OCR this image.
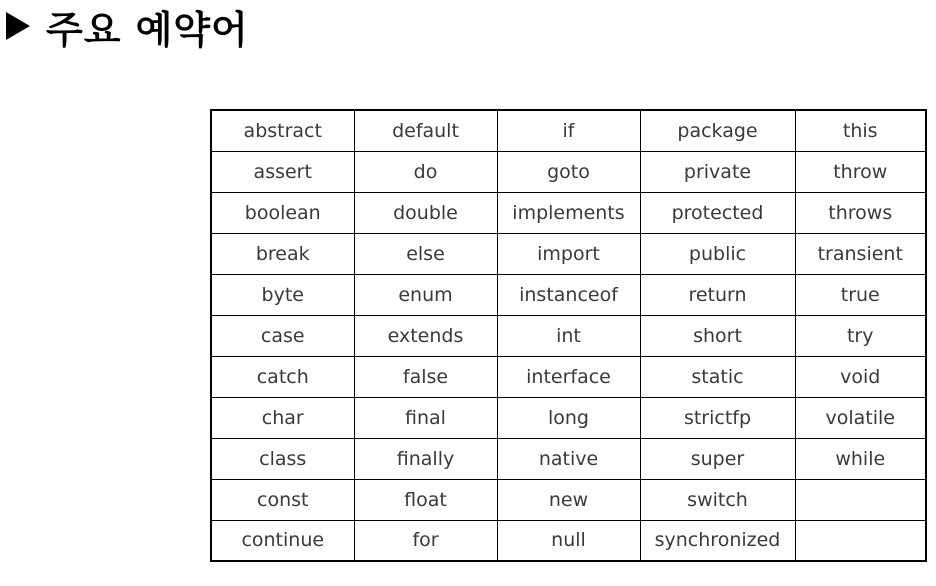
주요 예약어
abstract	default	if	package	this
assert	do	goto	private	throw
boolean	double	implements	protected	throws
break	else	import	public	transient
byte	enum	instanceof	return	true
case	extends	int	short	try
catch	false	interface	static	void
char	final	long	strictfp	volatile
class	finally	native	super	while
const	float	new	switch	
continue	for	null	synchronized	
